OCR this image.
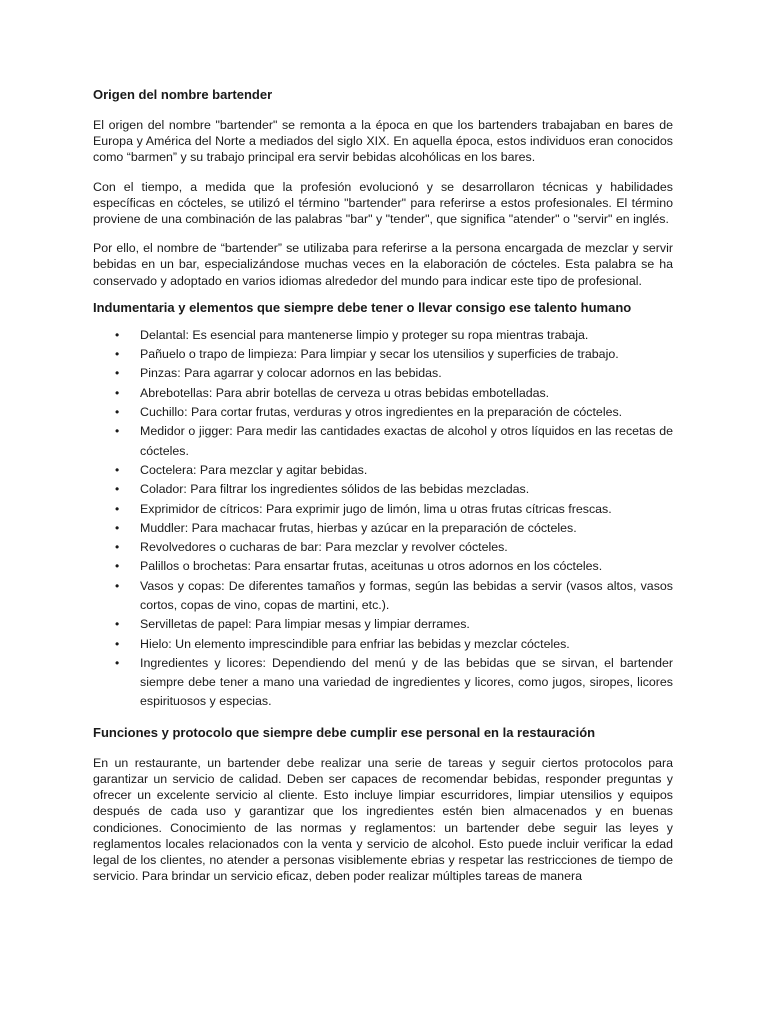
Origen del nombre bartender

El origen del nombre "bartender" se remonta a la época en que los bartenders trabajaban en bares de Europa y América del Norte a mediados del siglo XIX. En aquella época, estos individuos eran conocidos como “barmen” y su trabajo principal era servir bebidas alcohólicas en los bares.

Con el tiempo, a medida que la profesión evolucionó y se desarrollaron técnicas y habilidades específicas en cócteles, se utilizó el término "bartender" para referirse a estos profesionales. El término proviene de una combinación de las palabras "bar" y "tender", que significa "atender" o "servir" en inglés.

Por ello, el nombre de “bartender” se utilizaba para referirse a la persona encargada de mezclar y servir bebidas en un bar, especializándose muchas veces en la elaboración de cócteles. Esta palabra se ha conservado y adoptado en varios idiomas alrededor del mundo para indicar este tipo de profesional.

Indumentaria y elementos que siempre debe tener o llevar consigo ese talento humano
• Delantal: Es esencial para mantenerse limpio y proteger su ropa mientras trabaja.
• Pañuelo o trapo de limpieza: Para limpiar y secar los utensilios y superficies de trabajo.
• Pinzas: Para agarrar y colocar adornos en las bebidas.
• Abrebotellas: Para abrir botellas de cerveza u otras bebidas embotelladas.
• Cuchillo: Para cortar frutas, verduras y otros ingredientes en la preparación de cócteles.
• Medidor o jigger: Para medir las cantidades exactas de alcohol y otros líquidos en las recetas de cócteles.
• Coctelera: Para mezclar y agitar bebidas.
• Colador: Para filtrar los ingredientes sólidos de las bebidas mezcladas.
• Exprimidor de cítricos: Para exprimir jugo de limón, lima u otras frutas cítricas frescas.
• Muddler: Para machacar frutas, hierbas y azúcar en la preparación de cócteles.
• Revolvedores o cucharas de bar: Para mezclar y revolver cócteles.
• Palillos o brochetas: Para ensartar frutas, aceitunas u otros adornos en los cócteles.
• Vasos y copas: De diferentes tamaños y formas, según las bebidas a servir (vasos altos, vasos cortos, copas de vino, copas de martini, etc.).
• Servilletas de papel: Para limpiar mesas y limpiar derrames.
• Hielo: Un elemento imprescindible para enfriar las bebidas y mezclar cócteles.
• Ingredientes y licores: Dependiendo del menú y de las bebidas que se sirvan, el bartender siempre debe tener a mano una variedad de ingredientes y licores, como jugos, siropes, licores espirituosos y especias.
Funciones y protocolo que siempre debe cumplir ese personal en la restauración

En un restaurante, un bartender debe realizar una serie de tareas y seguir ciertos protocolos para garantizar un servicio de calidad. Deben ser capaces de recomendar bebidas, responder preguntas y ofrecer un excelente servicio al cliente. Esto incluye limpiar escurridores, limpiar utensilios y equipos después de cada uso y garantizar que los ingredientes estén bien almacenados y en buenas condiciones. Conocimiento de las normas y reglamentos: un bartender debe seguir las leyes y reglamentos locales relacionados con la venta y servicio de alcohol. Esto puede incluir verificar la edad legal de los clientes, no atender a personas visiblemente ebrias y respetar las restricciones de tiempo de servicio. Para brindar un servicio eficaz, deben poder realizar múltiples tareas de manera
